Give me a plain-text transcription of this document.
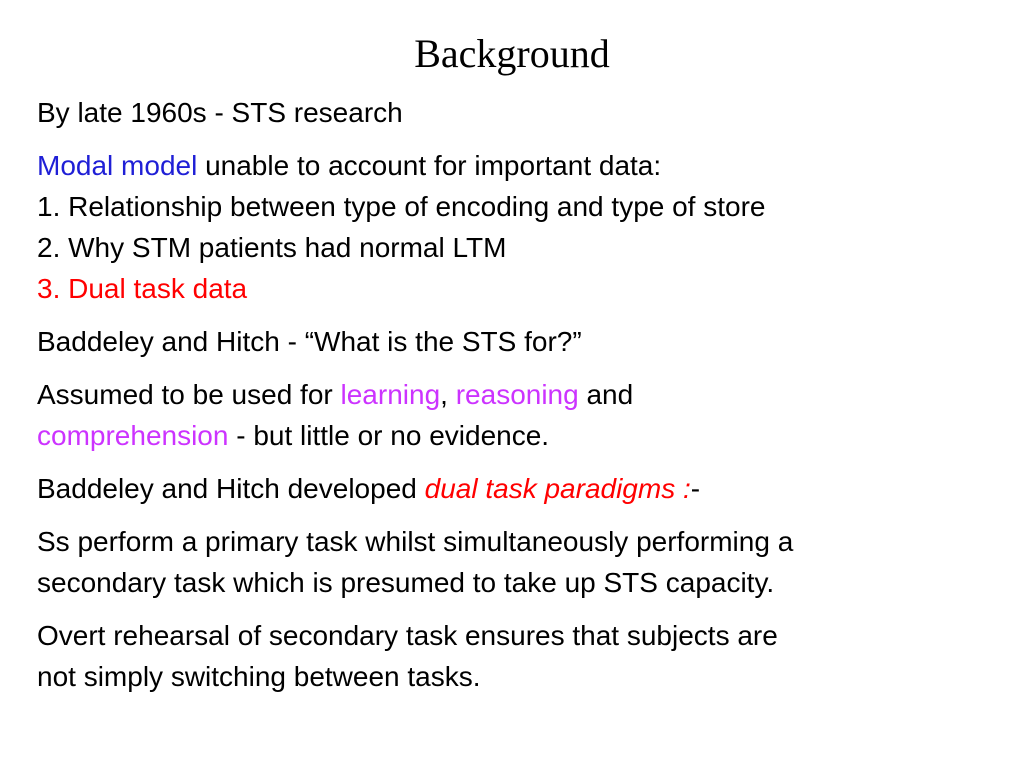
Background
By late 1960s - STS research
Modal model unable to account for important data:
1. Relationship between type of encoding and type of store
2. Why STM patients had normal LTM
3. Dual task data
Baddeley and Hitch - “What is the STS for?”
Assumed to be used for learning, reasoning and
comprehension - but little or no evidence.
Baddeley and Hitch developed dual task paradigms :-
Ss perform a primary task whilst simultaneously performing a
secondary task which is presumed to take up STS capacity.
Overt rehearsal of secondary task ensures that subjects are
not simply switching between tasks.
